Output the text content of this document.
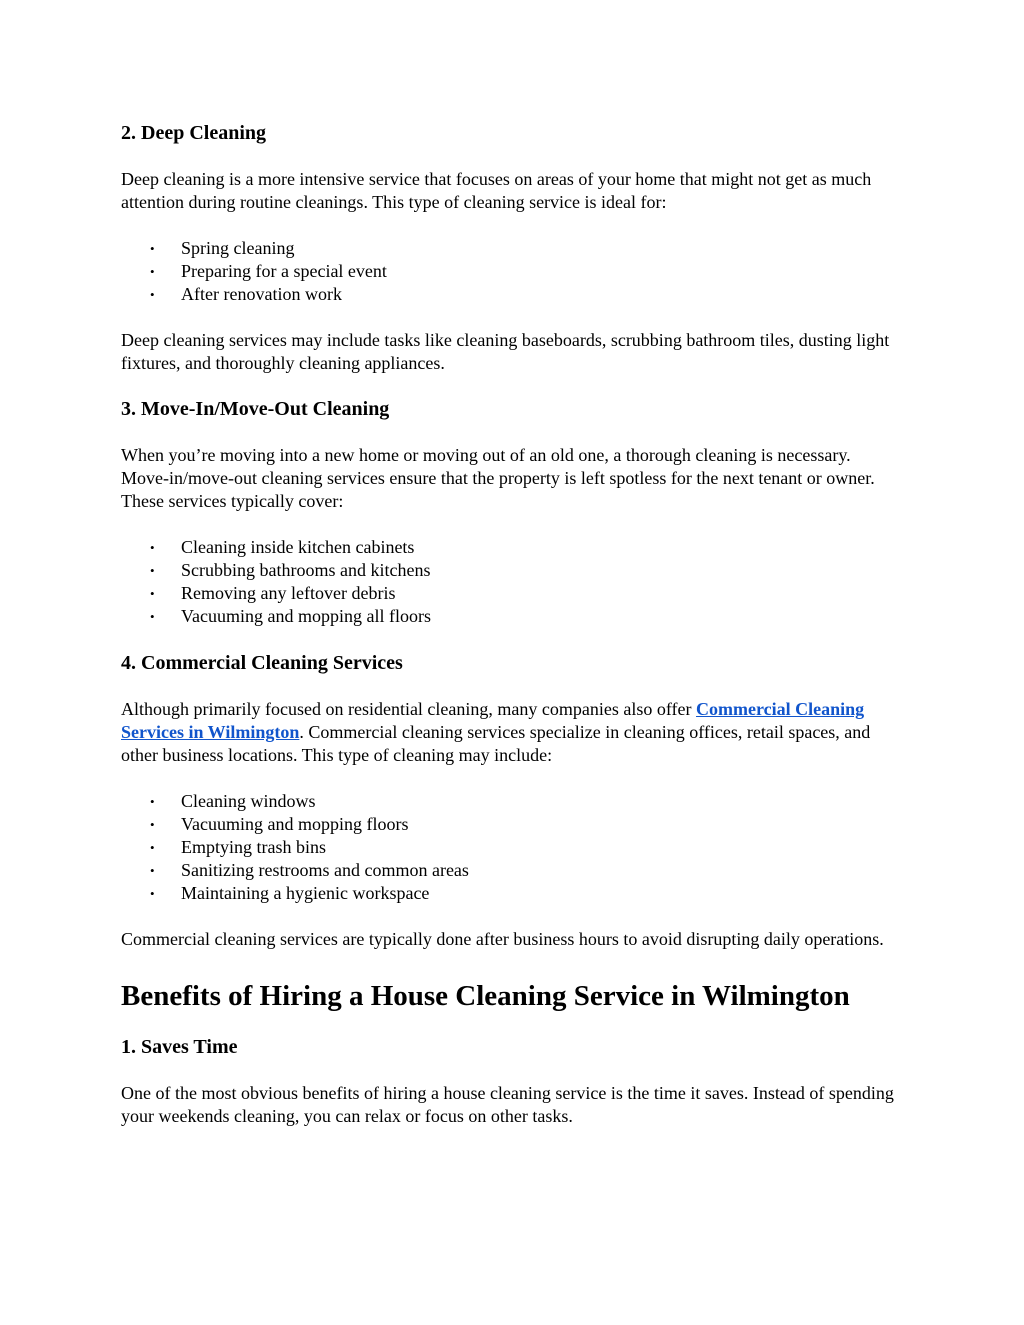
2. Deep Cleaning

Deep cleaning is a more intensive service that focuses on areas of your home that might not get as much attention during routine cleanings. This type of cleaning service is ideal for:

• Spring cleaning
• Preparing for a special event
• After renovation work

Deep cleaning services may include tasks like cleaning baseboards, scrubbing bathroom tiles, dusting light fixtures, and thoroughly cleaning appliances.

3. Move-In/Move-Out Cleaning

When you’re moving into a new home or moving out of an old one, a thorough cleaning is necessary. Move-in/move-out cleaning services ensure that the property is left spotless for the next tenant or owner. These services typically cover:

• Cleaning inside kitchen cabinets
• Scrubbing bathrooms and kitchens
• Removing any leftover debris
• Vacuuming and mopping all floors
4. Commercial Cleaning Services

Although primarily focused on residential cleaning, many companies also offer Commercial Cleaning Services in Wilmington. Commercial cleaning services specialize in cleaning offices, retail spaces, and other business locations. This type of cleaning may include:

• Cleaning windows
• Vacuuming and mopping floors
• Emptying trash bins
• Sanitizing restrooms and common areas
• Maintaining a hygienic workspace

Commercial cleaning services are typically done after business hours to avoid disrupting daily operations.

Benefits of Hiring a House Cleaning Service in Wilmington
1. Saves Time

One of the most obvious benefits of hiring a house cleaning service is the time it saves. Instead of spending your weekends cleaning, you can relax or focus on other tasks.
